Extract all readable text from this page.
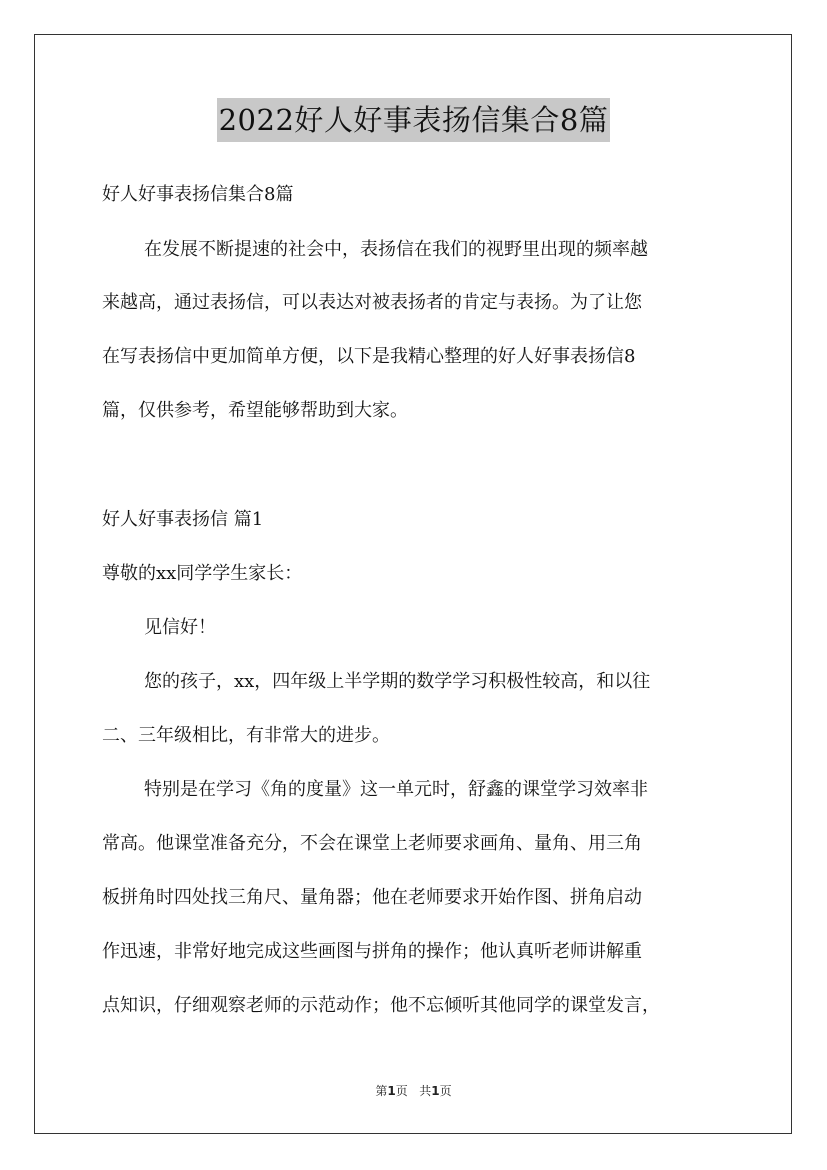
2022好人好事表扬信集合8篇

好人好事表扬信集合8篇

在发展不断提速的社会中，表扬信在我们的视野里出现的频率越

来越高，通过表扬信，可以表达对被表扬者的肯定与表扬。为了让您

在写表扬信中更加简单方便，以下是我精心整理的好人好事表扬信8

篇，仅供参考，希望能够帮助到大家。

好人好事表扬信 篇1

尊敬的xx同学学生家长：

见信好！

您的孩子，xx，四年级上半学期的数学学习积极性较高，和以往

二、三年级相比，有非常大的进步。

特别是在学习《角的度量》这一单元时，舒鑫的课堂学习效率非

常高。他课堂准备充分，不会在课堂上老师要求画角、量角、用三角

板拼角时四处找三角尺、量角器；他在老师要求开始作图、拼角启动

作迅速，非常好地完成这些画图与拼角的操作；他认真听老师讲解重

点知识，仔细观察老师的示范动作；他不忘倾听其他同学的课堂发言，

第1页   共1页
